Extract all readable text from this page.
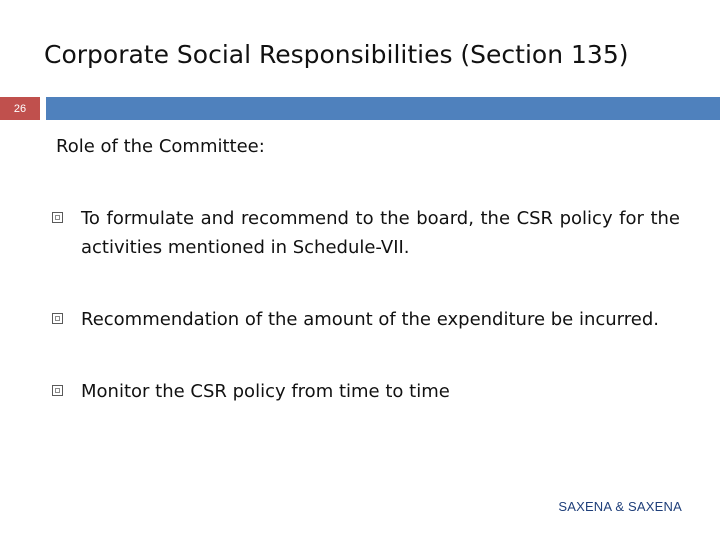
Corporate Social Responsibilities (Section 135)
26
Role of the Committee:
To formulate and recommend to the board, the CSR policy for the activities mentioned in Schedule-VII.
Recommendation of the amount of the expenditure be incurred.
Monitor the CSR policy from time to time
SAXENA & SAXENA
